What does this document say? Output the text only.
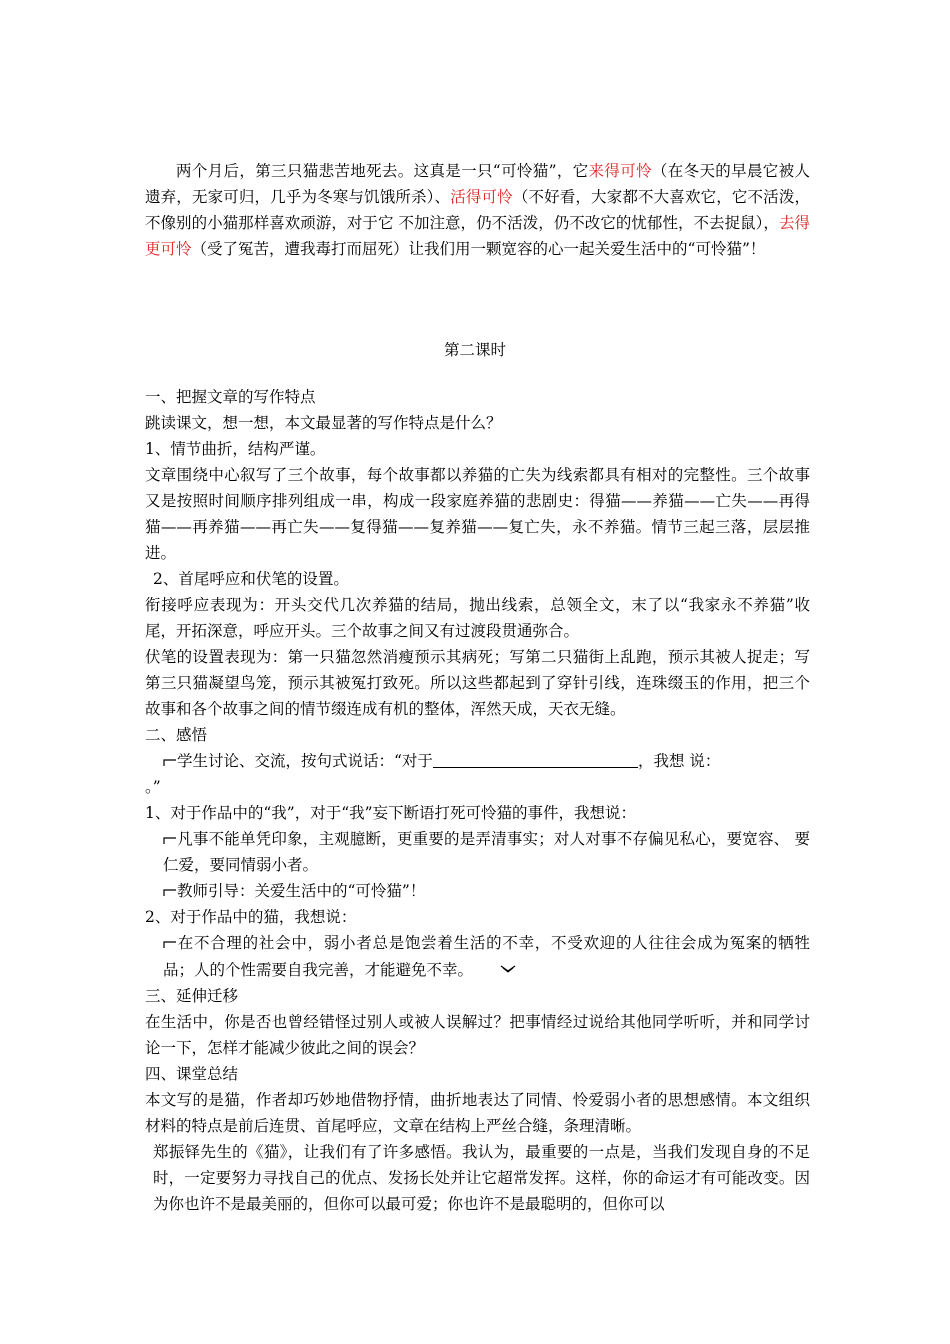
两个月后，第三只猫悲苦地死去。这真是一只“可怜猫”，它来得可怜（在冬天的早晨它被人遗弃，无家可归，几乎为冬寒与饥饿所杀）、活得可怜（不好看，大家都不大喜欢它，它不活泼，不像别的小猫那样喜欢顽游，对于它 不加注意，仍不活泼，仍不改它的忧郁性，不去捉鼠），去得更可怜（受了冤苦，遭我毒打而屈死）让我们用一颗宽容的心一起关爱生活中的“可怜猫”！
第二课时
一、把握文章的写作特点
跳读课文，想一想，本文最显著的写作特点是什么？
1、情节曲折，结构严谨。
文章围绕中心叙写了三个故事，每个故事都以养猫的亡失为线索都具有相对的完整性。三个故事又是按照时间顺序排列组成一串，构成一段家庭养猫的悲剧史：得猫——养猫——亡失——再得猫——再养猫——再亡失——复得猫——复养猫——复亡失，永不养猫。情节三起三落，层层推进。
2、首尾呼应和伏笔的设置。
衔接呼应表现为：开头交代几次养猫的结局，抛出线索，总领全文，末了以“我家永不养猫”收尾，开拓深意，呼应开头。三个故事之间又有过渡段贯通弥合。
伏笔的设置表现为：第一只猫忽然消瘦预示其病死；写第二只猫街上乱跑，预示其被人捉走；写第三只猫凝望鸟笼，预示其被冤打致死。所以这些都起到了穿针引线，连珠缀玉的作用，把三个故事和各个故事之间的情节缀连成有机的整体，浑然天成，天衣无缝。
二、感悟
学生讨论、交流，按句式说话：“对于	，我想 说：
。”
1、对于作品中的“我”，对于“我”妄下断语打死可怜猫的事件，我想说：
凡事不能单凭印象，主观臆断，更重要的是弄清事实；对人对事不存偏见私心，要宽容、 要仁爱，要同情弱小者。
教师引导：关爱生活中的“可怜猫”！
2、对于作品中的猫，我想说：
在不合理的社会中，弱小者总是饱尝着生活的不幸，不受欢迎的人往往会成为冤案的牺牲 品；人的个性需要自我完善，才能避免不幸。
三、延伸迁移
在生活中，你是否也曾经错怪过别人或被人误解过？把事情经过说给其他同学听听，并和同学讨论一下，怎样才能减少彼此之间的误会？
四、课堂总结
本文写的是猫，作者却巧妙地借物抒情，曲折地表达了同情、怜爱弱小者的思想感情。本文组织材料的特点是前后连贯、首尾呼应，文章在结构上严丝合缝，条理清晰。
郑振铎先生的《猫》，让我们有了许多感悟。我认为，最重要的一点是，当我们发现自身的不足时，一定要努力寻找自己的优点、发扬长处并让它超常发挥。这样，你的命运才有可能改变。因为你也许不是最美丽的，但你可以最可爱；你也许不是最聪明的，但你可以
